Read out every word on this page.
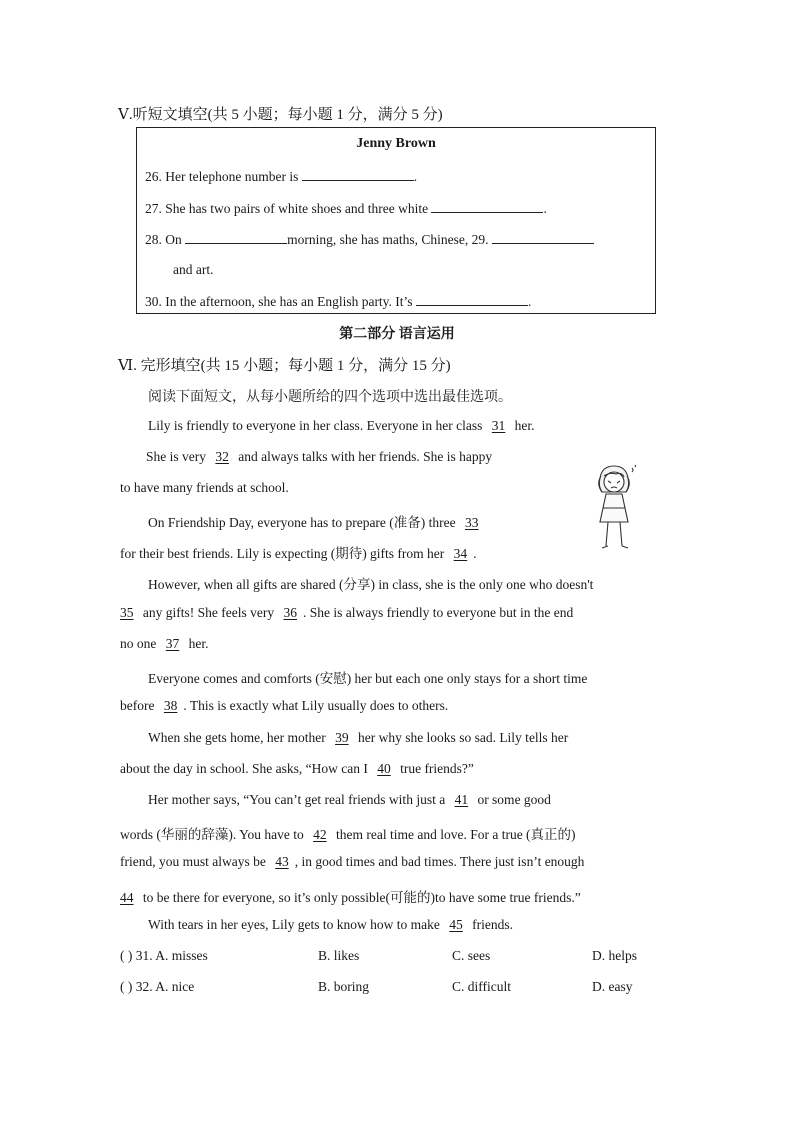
Ⅴ.听短文填空(共 5 小题；每小题 1 分，满分 5 分)
Jenny Brown
26. Her telephone number is	.
27. She has two pairs of white shoes and three white	.
28. On	morning, she has maths, Chinese, 29.
and art.
30. In the afternoon, she has an English party. It’s	.
第二部分 语言运用
Ⅵ. 完形填空(共 15 小题；每小题 1 分，满分 15 分)
阅读下面短文，从每小题所给的四个选项中选出最佳选项。
Lily is friendly to everyone in her class. Everyone in her class 31 her.
She is very 32 and always talks with her friends. She is happy
to have many friends at school.
On Friendship Day, everyone has to prepare (准备) three 33
for their best friends. Lily is expecting (期待) gifts from her 34 .
However, when all gifts are shared (分享) in class, she is the only one who doesn't
35 any gifts! She feels very 36 . She is always friendly to everyone but in the end
no one 37 her.
Everyone comes and comforts (安慰) her but each one only stays for a short time
before 38 . This is exactly what Lily usually does to others.
When she gets home, her mother 39 her why she looks so sad. Lily tells her
about the day in school. She asks, “How can I 40 true friends?”
Her mother says, “You can’t get real friends with just a 41 or some good
words (华丽的辞藻). You have to 42 them real time and love. For a true (真正的)
friend, you must always be 43 , in good times and bad times. There just isn’t enough
44 to be there for everyone, so it’s only possible(可能的)to have some true friends.”
With tears in her eyes, Lily gets to know how to make 45 friends.
( ) 31. A. misses	B. likes	C. sees	D. helps
( ) 32. A. nice	B. boring	C. difficult	D. easy
